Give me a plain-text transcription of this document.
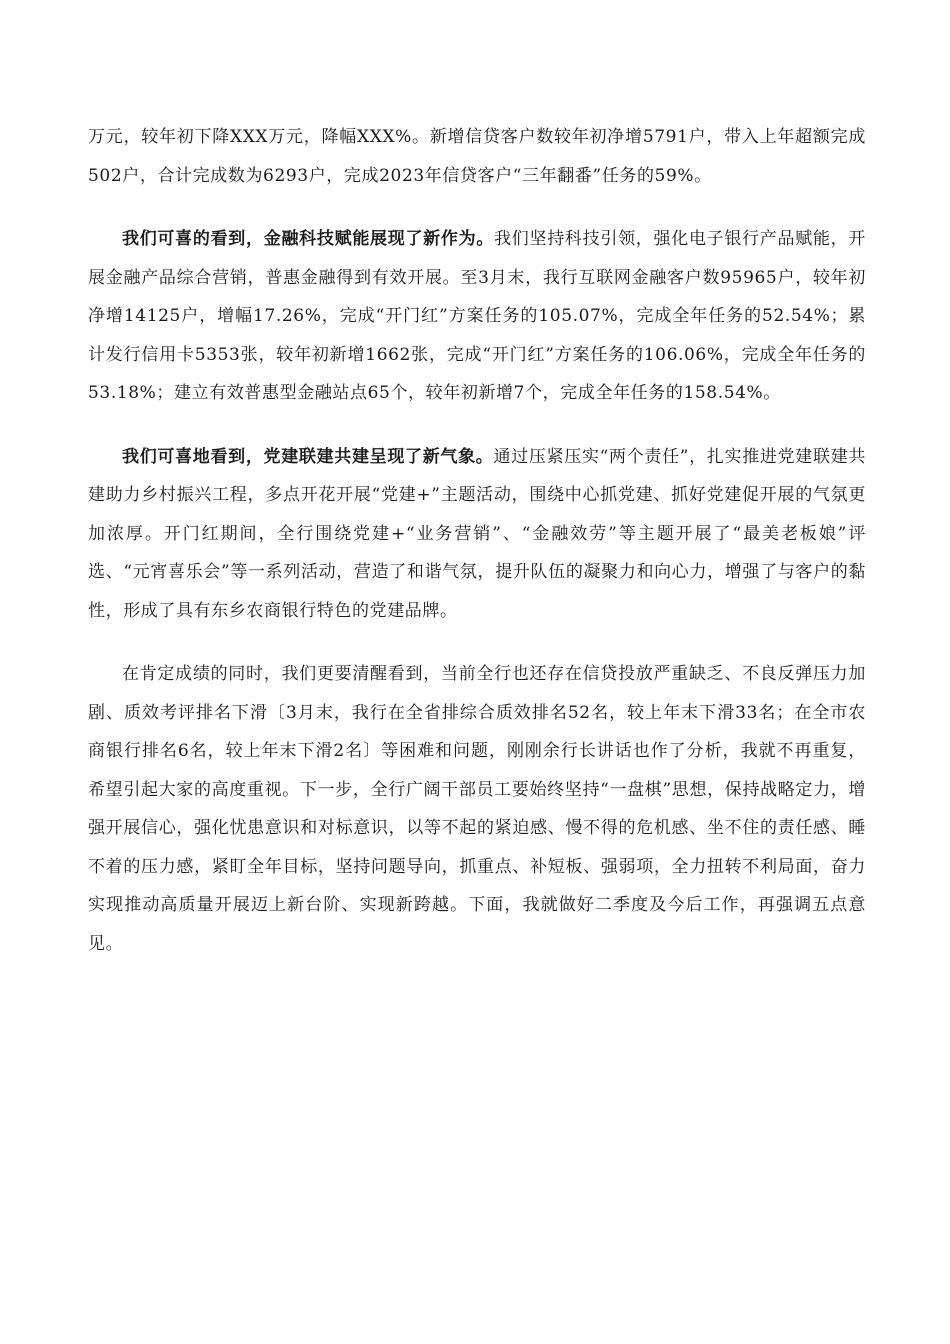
万元，较年初下降XXX万元，降幅XXX%。新增信贷客户数较年初净增5791户，带入上年超额完成502户，合计完成数为6293户，完成2023年信贷客户“三年翻番”任务的59%。

我们可喜的看到，金融科技赋能展现了新作为。我们坚持科技引领，强化电子银行产品赋能，开展金融产品综合营销，普惠金融得到有效开展。至3月末，我行互联网金融客户数95965户，较年初净增14125户，增幅17.26%，完成“开门红”方案任务的105.07%，完成全年任务的52.54%；累计发行信用卡5353张，较年初新增1662张，完成“开门红”方案任务的106.06%，完成全年任务的53.18%；建立有效普惠型金融站点65个，较年初新增7个，完成全年任务的158.54%。

我们可喜地看到，党建联建共建呈现了新气象。通过压紧压实“两个责任”，扎实推进党建联建共建助力乡村振兴工程，多点开花开展“党建+”主题活动，围绕中心抓党建、抓好党建促开展的气氛更加浓厚。开门红期间，全行围绕党建+“业务营销”、“金融效劳”等主题开展了“最美老板娘”评选、“元宵喜乐会”等一系列活动，营造了和谐气氛，提升队伍的凝聚力和向心力，增强了与客户的黏性，形成了具有东乡农商银行特色的党建品牌。

在肯定成绩的同时，我们更要清醒看到，当前全行也还存在信贷投放严重缺乏、不良反弹压力加剧、质效考评排名下滑〔3月末，我行在全省排综合质效排名52名，较上年末下滑33名；在全市农商银行排名6名，较上年末下滑2名〕等困难和问题，刚刚余行长讲话也作了分析，我就不再重复，希望引起大家的高度重视。下一步，全行广阔干部员工要始终坚持“一盘棋”思想，保持战略定力，增强开展信心，强化忧患意识和对标意识，以等不起的紧迫感、慢不得的危机感、坐不住的责任感、睡不着的压力感，紧盯全年目标，坚持问题导向，抓重点、补短板、强弱项，全力扭转不利局面，奋力实现推动高质量开展迈上新台阶、实现新跨越。下面，我就做好二季度及今后工作，再强调五点意见。
